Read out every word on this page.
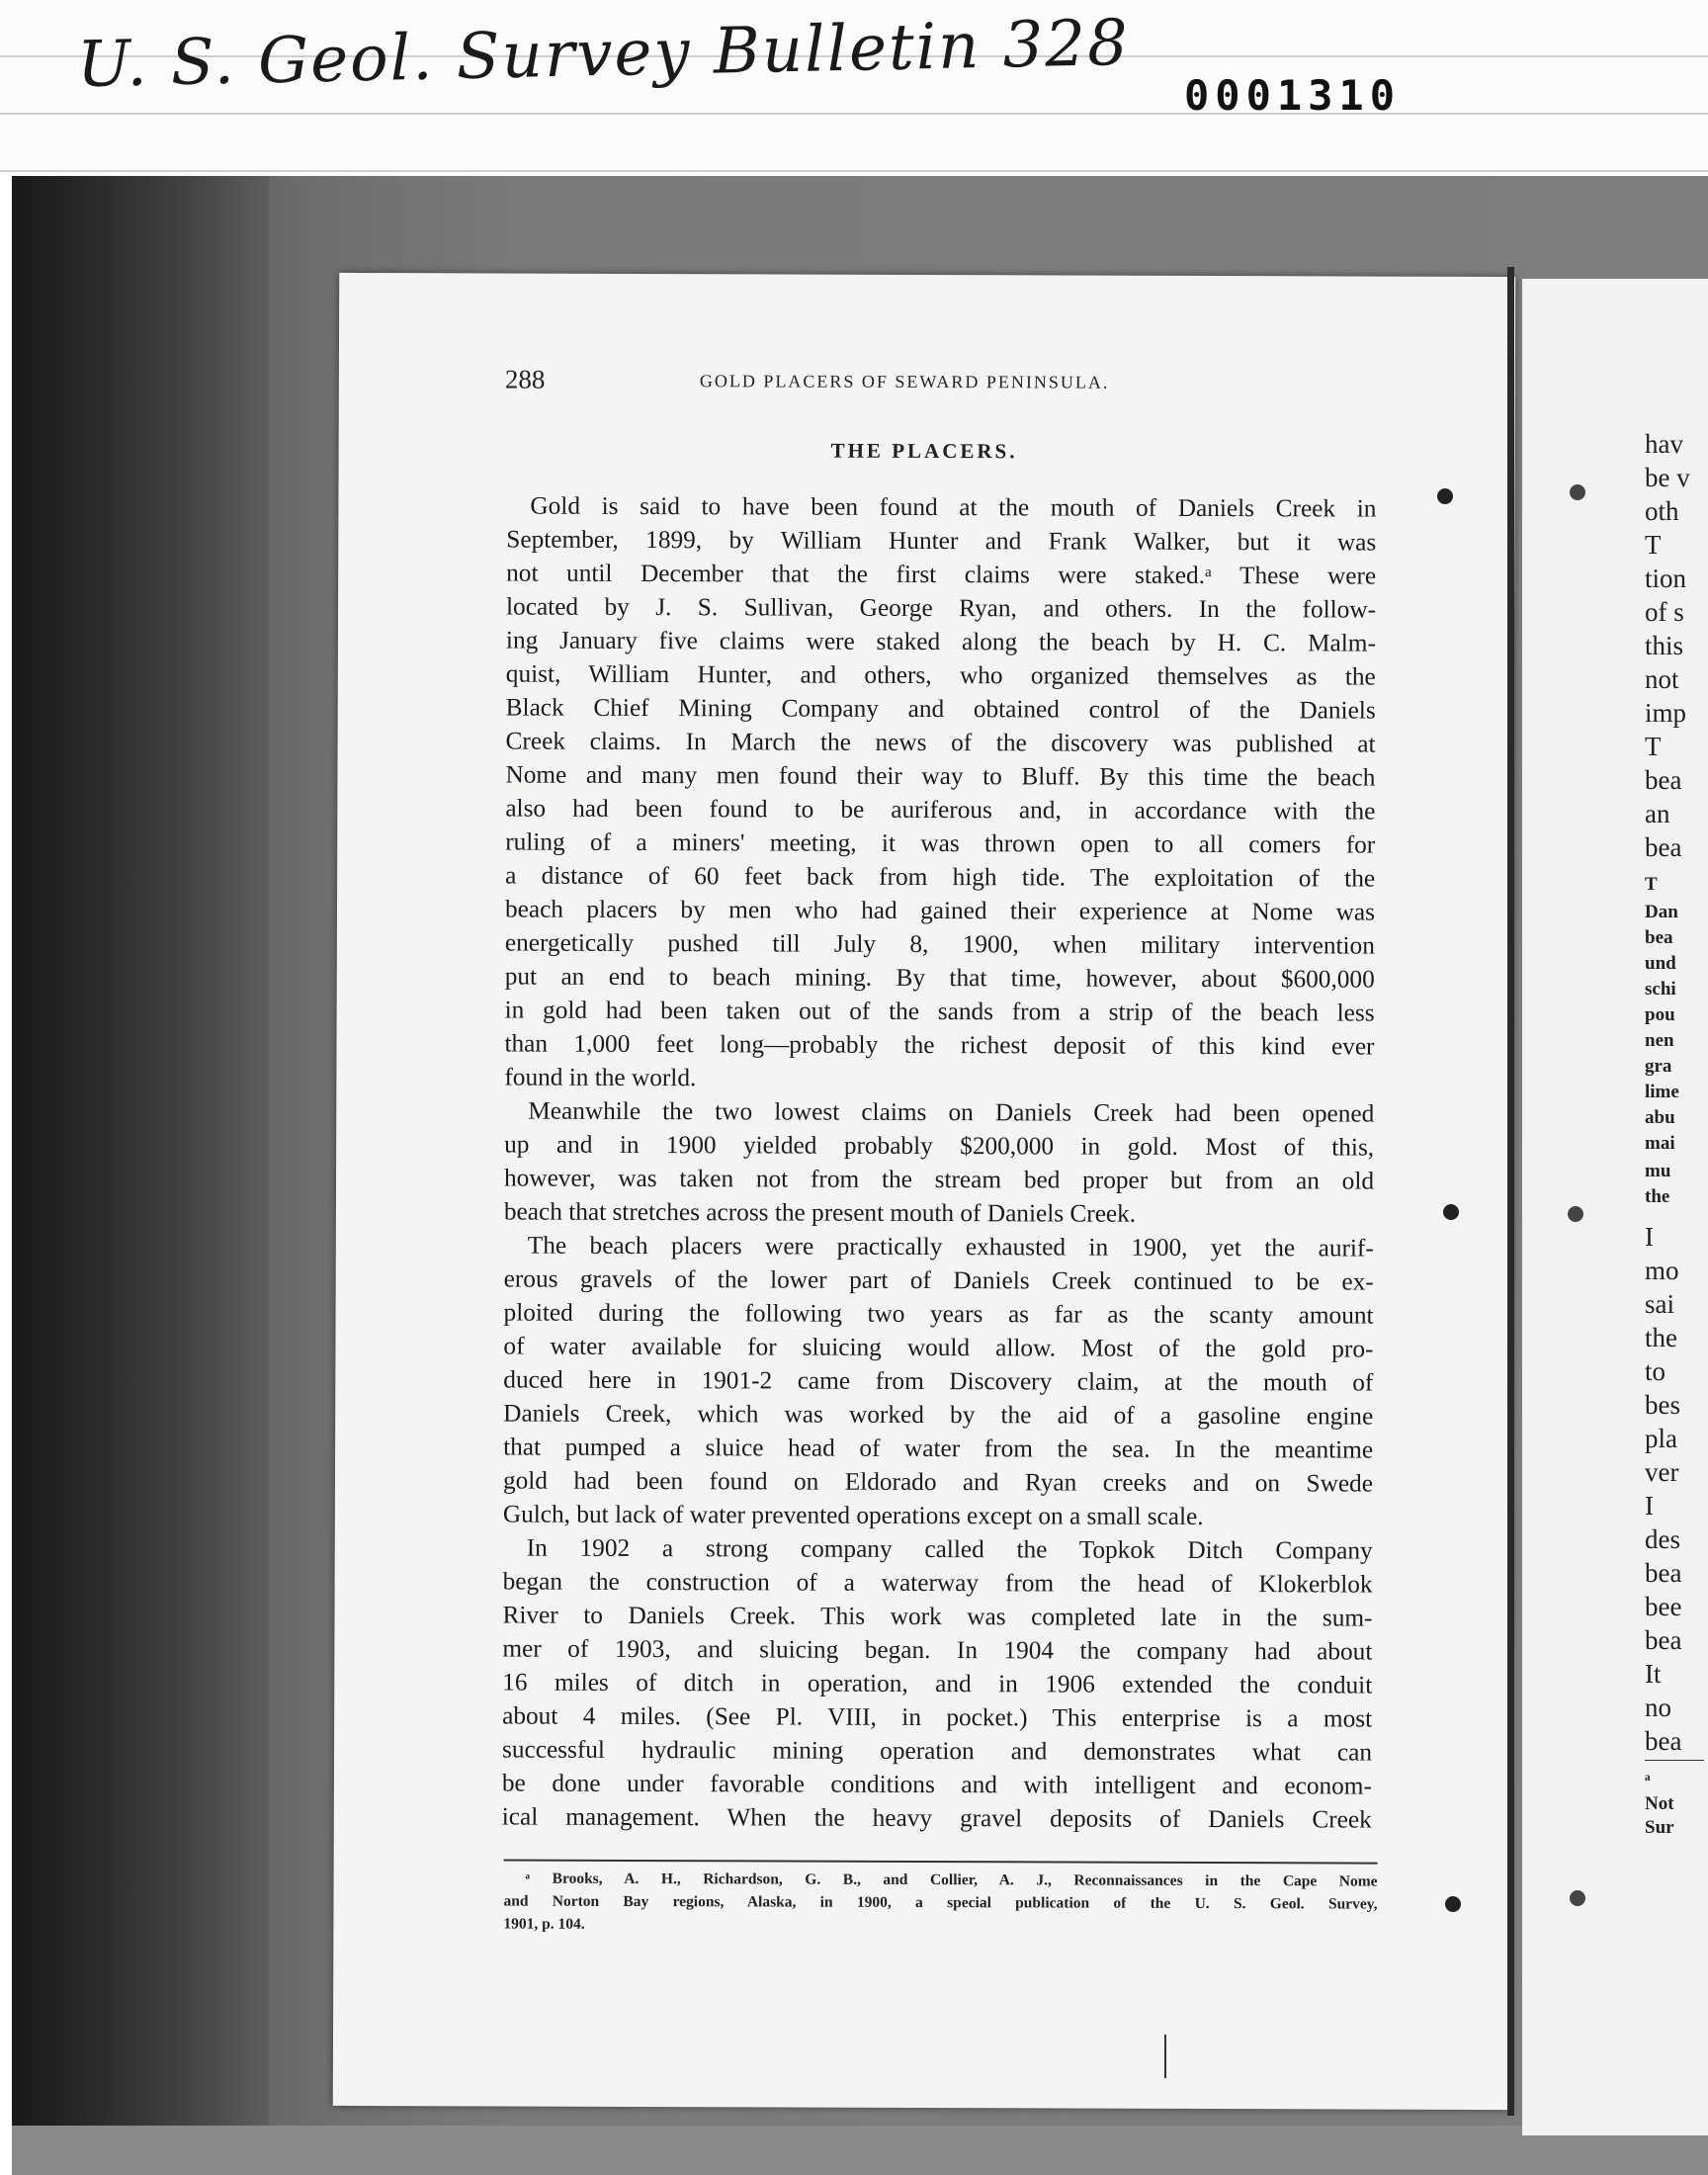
U. S. Geol. Survey Bulletin 328 0001310
hav
be v
oth
T
tion
of s
this
not
imp
T
bea
an
bea
T
Dan
bea
und
schi
pou
nen
gra
lime
abu
mai
mu
the
I
mo
sai
the
to
bes
pla
ver
I
des
bea
bee
bea
It
no
bea
ᵃ
Not
Sur
288	GOLD PLACERS OF SEWARD PENINSULA.
THE PLACERS.
Gold is said to have been found at the mouth of Daniels Creek in
September, 1899, by William Hunter and Frank Walker, but it was
not until December that the first claims were staked.ᵃ These were
located by J. S. Sullivan, George Ryan, and others. In the follow-
ing January five claims were staked along the beach by H. C. Malm-
quist, William Hunter, and others, who organized themselves as the
Black Chief Mining Company and obtained control of the Daniels
Creek claims. In March the news of the discovery was published at
Nome and many men found their way to Bluff. By this time the beach
also had been found to be auriferous and, in accordance with the
ruling of a miners' meeting, it was thrown open to all comers for
a distance of 60 feet back from high tide. The exploitation of the
beach placers by men who had gained their experience at Nome was
energetically pushed till July 8, 1900, when military intervention
put an end to beach mining. By that time, however, about $600,000
in gold had been taken out of the sands from a strip of the beach less
than 1,000 feet long—probably the richest deposit of this kind ever
found in the world.
Meanwhile the two lowest claims on Daniels Creek had been opened
up and in 1900 yielded probably $200,000 in gold. Most of this,
however, was taken not from the stream bed proper but from an old
beach that stretches across the present mouth of Daniels Creek.
The beach placers were practically exhausted in 1900, yet the aurif-
erous gravels of the lower part of Daniels Creek continued to be ex-
ploited during the following two years as far as the scanty amount
of water available for sluicing would allow. Most of the gold pro-
duced here in 1901-2 came from Discovery claim, at the mouth of
Daniels Creek, which was worked by the aid of a gasoline engine
that pumped a sluice head of water from the sea. In the meantime
gold had been found on Eldorado and Ryan creeks and on Swede
Gulch, but lack of water prevented operations except on a small scale.
In 1902 a strong company called the Topkok Ditch Company
began the construction of a waterway from the head of Klokerblok
River to Daniels Creek. This work was completed late in the sum-
mer of 1903, and sluicing began. In 1904 the company had about
16 miles of ditch in operation, and in 1906 extended the conduit
about 4 miles. (See Pl. VIII, in pocket.) This enterprise is a most
successful hydraulic mining operation and demonstrates what can
be done under favorable conditions and with intelligent and econom-
ical management. When the heavy gravel deposits of Daniels Creek
ᵃ Brooks, A. H., Richardson, G. B., and Collier, A. J., Reconnaissances in the Cape Nome
and Norton Bay regions, Alaska, in 1900, a special publication of the U. S. Geol. Survey,
1901, p. 104.
